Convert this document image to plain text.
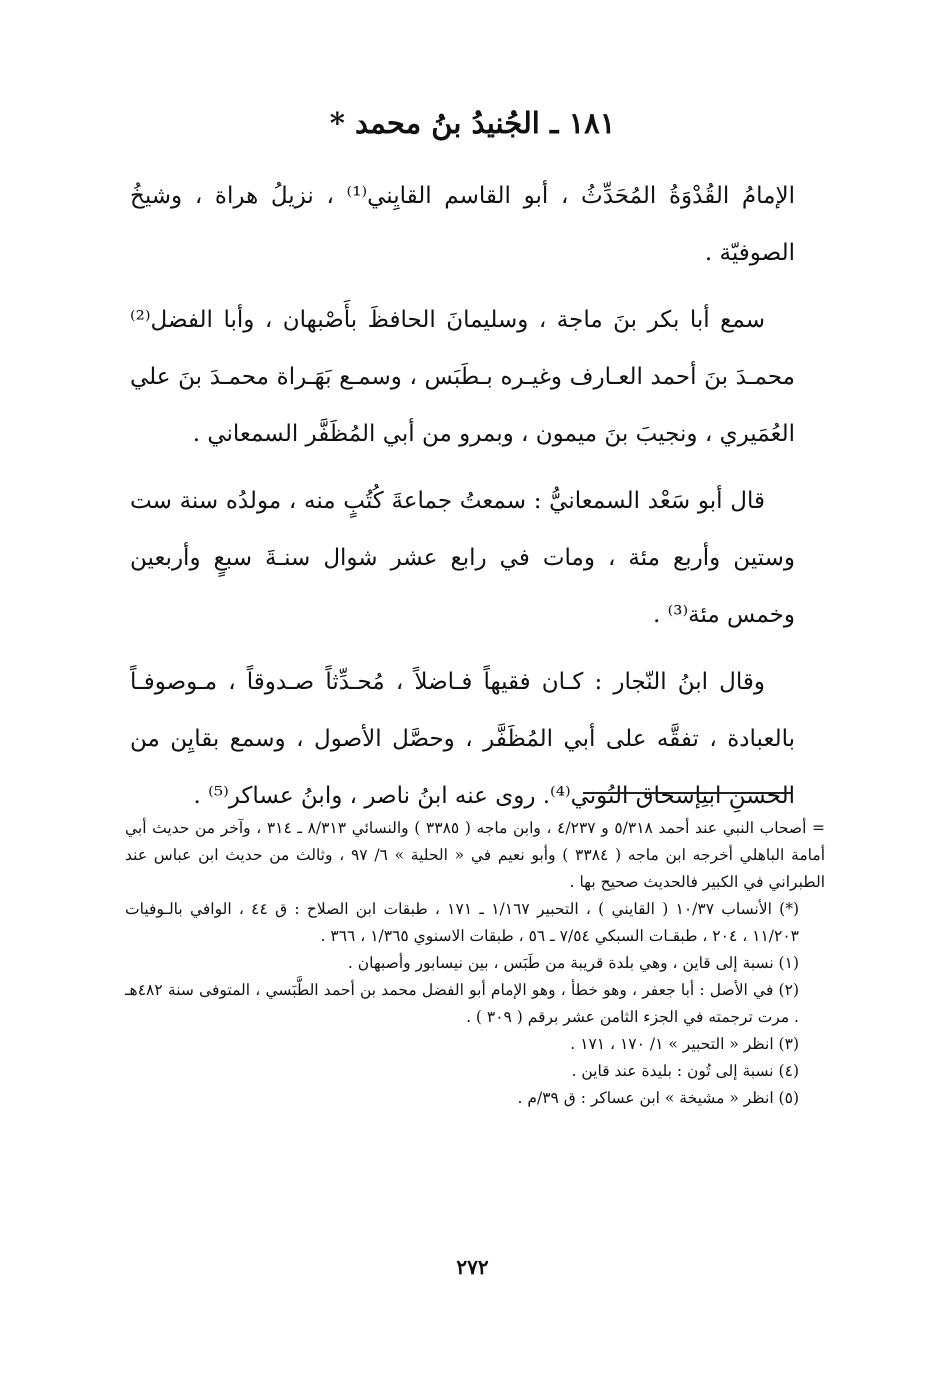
١٨١ ـ الجُنيدُ بنُ محمد *

الإمامُ القُدْوَةُ المُحَدِّثُ ، أبو القاسم القايِني⁽¹⁾ ، نزيلُ هراة ، وشيخُ الصوفيّة .

سمع أبا بكر بنَ ماجة ، وسليمانَ الحافظَ بأَصْبهان ، وأبا الفضل⁽²⁾ محمـدَ بنَ أحمد العـارف وغيـره بـطَبَس ، وسمـع بَهَـراة محمـدَ بنَ علي العُمَيري ، ونجيبَ بنَ ميمون ، وبمرو من أبي المُظَفَّر السمعاني .

قال أبو سَعْد السمعانيُّ : سمعتُ جماعةَ كُتُبٍ منه ، مولدُه سنة ست وستين وأربع مئة ، ومات في رابع عشر شوال سنـةَ سبعٍ وأربعين وخمس مئة⁽³⁾ .

وقال ابنُ النّجار : كـان فقيهاً فـاضلاً ، مُحـدِّثاً صـدوقاً ، مـوصوفـاً بالعبادة ، تفقَّه على أبي المُظَفَّر ، وحصَّل الأصول ، وسمع بقايِن من الحسنِ ابنِإسحاق التُوني⁽⁴⁾. روى عنه ابنُ ناصر ، وابنُ عساكر⁽⁵⁾ .

= أصحاب النبي عند أحمد ٥/٣١٨ و ٤/٢٣٧ ، وابن ماجه ( ٣٣٨٥ ) والنسائي ٨/٣١٣ ـ ٣١٤ ، وآخر من حديث أبي أمامة الباهلي أخرجه ابن ماجه ( ٣٣٨٤ ) وأبو نعيم في « الحلية » ٦/ ٩٧ ، وثالث من حديث ابن عباس عند الطبراني في الكبير فالحديث صحيح بها .

(*) الأنساب ١٠/٣٧ ( القايني ) ، التحبير ١/١٦٧ ـ ١٧١ ، طبقات ابن الصلاح : ق ٤٤ ، الوافي بالـوفيات ١١/٢٠٣ ، ٢٠٤ ، طبقـات السبكي ٧/٥٤ ـ ٥٦ ، طبقات الاسنوي ١/٣٦٥ ، ٣٦٦ .

(١) نسبة إلى قاين ، وهي بلدة قريبة من طَبَس ، بين نيسابور وأصبهان .

(٢) في الأصل : أبا جعفر ، وهو خطأ ، وهو الإمام أبو الفضل محمد بن أحمد الطَّبَسي ، المتوفى سنة ٤٨٢هـ . مرت ترجمته في الجزء الثامن عشر برقم ( ٣٠٩ ) .

(٣) انظر « التحبير » ١/ ١٧٠ ، ١٧١ .

(٤) نسبة إلى تُون : بليدة عند قاين .

(٥) انظر « مشيخة » ابن عساكر : ق ٣٩/م .

٢٧٢
